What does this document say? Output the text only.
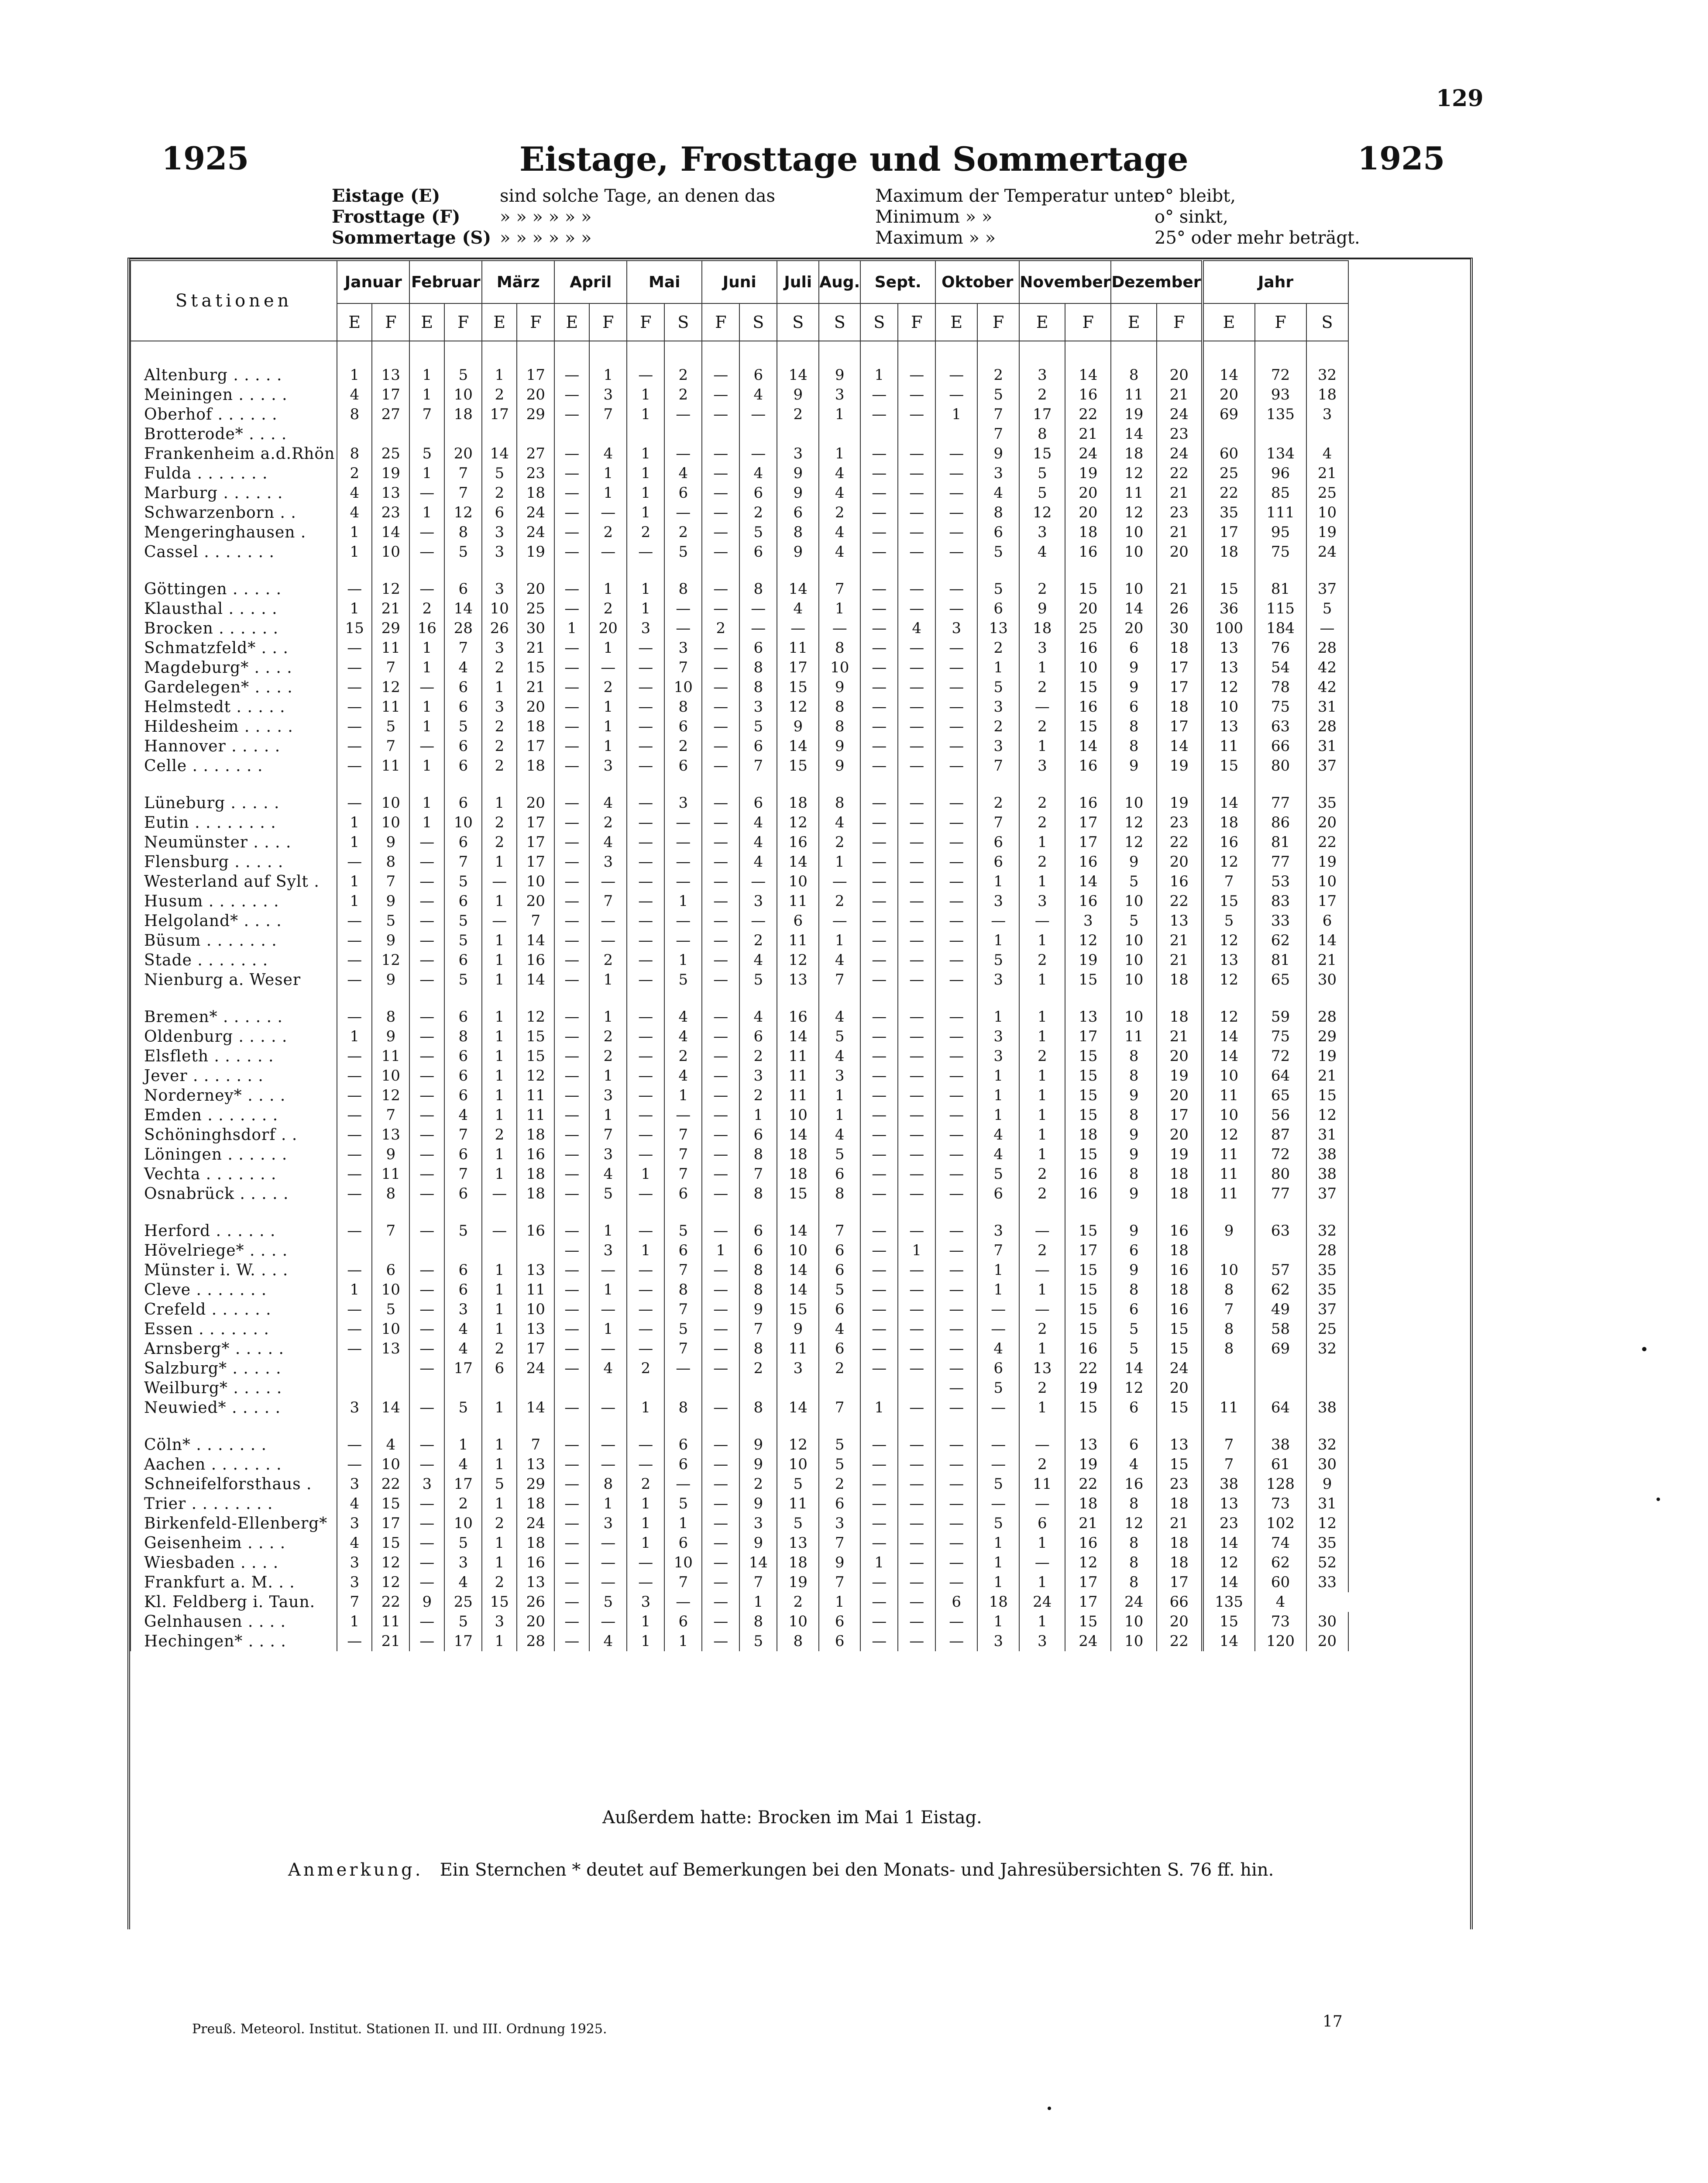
129
1925	Eistage, Frosttage und Sommertage	1925
Eistage (E)	sind solche Tage, an denen das	Maximum der Temperatur untero° bleibt,
Frosttage (F)	» » » » » »	Minimum » »	o° sinkt,
Sommertage (S) » » » » » »	Maximum » »	25° oder mehr beträgt.
Stationen	Januar		Februar		März		April		Mai		Juni		Juli	Aug.	Sept.		Oktober		November		Dezember		Jahr		
	E	F	E	F	E	F	E	F	F	S	F	S	S	S	S	F	E	F	E	F	E	F	E	F	S

Altenburg . . . . .	1	13	1	5	1	17	—	1	—	2	—	6	14	9	1	—	—	2	3	14	8	20	14	72	32
Meiningen . . . . .	4	17	1	10	2	20	—	3	1	2	—	4	9	3	—	—	—	5	2	16	11	21	20	93	18
Oberhof . . . . . .	8	27	7	18	17	29	—	7	1	—	—	—	2	1	—	—	1	7	17	22	19	24	69	135	3
Brotterode* . . . .																		7	8	21	14	23			
Frankenheim a.d.Rhön	8	25	5	20	14	27	—	4	1	—	—	—	3	1	—	—	—	9	15	24	18	24	60	134	4
Fulda . . . . . . .	2	19	1	7	5	23	—	1	1	4	—	4	9	4	—	—	—	3	5	19	12	22	25	96	21
Marburg . . . . . .	4	13	—	7	2	18	—	1	1	6	—	6	9	4	—	—	—	4	5	20	11	21	22	85	25
Schwarzenborn . .	4	23	1	12	6	24	—	—	1	—	—	2	6	2	—	—	—	8	12	20	12	23	35	111	10
Mengeringhausen .	1	14	—	8	3	24	—	2	2	2	—	5	8	4	—	—	—	6	3	18	10	21	17	95	19
Cassel . . . . . . .	1	10	—	5	3	19	—	—	—	5	—	6	9	4	—	—	—	5	4	16	10	20	18	75	24

Göttingen . . . . .	—	12	—	6	3	20	—	1	1	8	—	8	14	7	—	—	—	5	2	15	10	21	15	81	37
Klausthal . . . . .	1	21	2	14	10	25	—	2	1	—	—	—	4	1	—	—	—	6	9	20	14	26	36	115	5
Brocken . . . . . .	15	29	16	28	26	30	1	20	3	—	2	—	—	—	—	4	3	13	18	25	20	30	100	184	—
Schmatzfeld* . . .	—	11	1	7	3	21	—	1	—	3	—	6	11	8	—	—	—	2	3	16	6	18	13	76	28
Magdeburg* . . . .	—	7	1	4	2	15	—	—	—	7	—	8	17	10	—	—	—	1	1	10	9	17	13	54	42
Gardelegen* . . . .	—	12	—	6	1	21	—	2	—	10	—	8	15	9	—	—	—	5	2	15	9	17	12	78	42
Helmstedt . . . . .	—	11	1	6	3	20	—	1	—	8	—	3	12	8	—	—	—	3	—	16	6	18	10	75	31
Hildesheim . . . . .	—	5	1	5	2	18	—	1	—	6	—	5	9	8	—	—	—	2	2	15	8	17	13	63	28
Hannover . . . . .	—	7	—	6	2	17	—	1	—	2	—	6	14	9	—	—	—	3	1	14	8	14	11	66	31
Celle . . . . . . .	—	11	1	6	2	18	—	3	—	6	—	7	15	9	—	—	—	7	3	16	9	19	15	80	37

Lüneburg . . . . .	—	10	1	6	1	20	—	4	—	3	—	6	18	8	—	—	—	2	2	16	10	19	14	77	35
Eutin . . . . . . . .	1	10	1	10	2	17	—	2	—	—	—	4	12	4	—	—	—	7	2	17	12	23	18	86	20
Neumünster . . . .	1	9	—	6	2	17	—	4	—	—	—	4	16	2	—	—	—	6	1	17	12	22	16	81	22
Flensburg . . . . .	—	8	—	7	1	17	—	3	—	—	—	4	14	1	—	—	—	6	2	16	9	20	12	77	19
Westerland auf Sylt .	1	7	—	5	—	10	—	—	—	—	—	—	10	—	—	—	—	1	1	14	5	16	7	53	10
Husum . . . . . . .	1	9	—	6	1	20	—	7	—	1	—	3	11	2	—	—	—	3	3	16	10	22	15	83	17
Helgoland* . . . .	—	5	—	5	—	7	—	—	—	—	—	—	6	—	—	—	—	—	—	3	5	13	5	33	6
Büsum . . . . . . .	—	9	—	5	1	14	—	—	—	—	—	2	11	1	—	—	—	1	1	12	10	21	12	62	14
Stade . . . . . . .	—	12	—	6	1	16	—	2	—	1	—	4	12	4	—	—	—	5	2	19	10	21	13	81	21
Nienburg a. Weser	—	9	—	5	1	14	—	1	—	5	—	5	13	7	—	—	—	3	1	15	10	18	12	65	30

Bremen* . . . . . .	—	8	—	6	1	12	—	1	—	4	—	4	16	4	—	—	—	1	1	13	10	18	12	59	28
Oldenburg . . . . .	1	9	—	8	1	15	—	2	—	4	—	6	14	5	—	—	—	3	1	17	11	21	14	75	29
Elsfleth . . . . . .	—	11	—	6	1	15	—	2	—	2	—	2	11	4	—	—	—	3	2	15	8	20	14	72	19
Jever . . . . . . .	—	10	—	6	1	12	—	1	—	4	—	3	11	3	—	—	—	1	1	15	8	19	10	64	21
Norderney* . . . .	—	12	—	6	1	11	—	3	—	1	—	2	11	1	—	—	—	1	1	15	9	20	11	65	15
Emden . . . . . . .	—	7	—	4	1	11	—	1	—	—	—	1	10	1	—	—	—	1	1	15	8	17	10	56	12
Schöninghsdorf . .	—	13	—	7	2	18	—	7	—	7	—	6	14	4	—	—	—	4	1	18	9	20	12	87	31
Löningen . . . . . .	—	9	—	6	1	16	—	3	—	7	—	8	18	5	—	—	—	4	1	15	9	19	11	72	38
Vechta . . . . . . .	—	11	—	7	1	18	—	4	1	7	—	7	18	6	—	—	—	5	2	16	8	18	11	80	38
Osnabrück . . . . .	—	8	—	6	—	18	—	5	—	6	—	8	15	8	—	—	—	6	2	16	9	18	11	77	37

Herford . . . . . .	—	7	—	5	—	16	—	1	—	5	—	6	14	7	—	—	—	3	—	15	9	16	9	63	32
Hövelriege* . . . .							—	3	1	6	1	6	10	6	—	1	—	7	2	17	6	18			28
Münster i. W. . . .	—	6	—	6	1	13	—	—	—	7	—	8	14	6	—	—	—	1	—	15	9	16	10	57	35
Cleve . . . . . . .	1	10	—	6	1	11	—	1	—	8	—	8	14	5	—	—	—	1	1	15	8	18	8	62	35
Crefeld . . . . . .	—	5	—	3	1	10	—	—	—	7	—	9	15	6	—	—	—	—	—	15	6	16	7	49	37
Essen . . . . . . .	—	10	—	4	1	13	—	1	—	5	—	7	9	4	—	—	—	—	2	15	5	15	8	58	25
Arnsberg* . . . . .	—	13	—	4	2	17	—	—	—	7	—	8	11	6	—	—	—	4	1	16	5	15	8	69	32
Salzburg* . . . . .			—	17	6	24	—	4	2	—	—	2	3	2	—	—	—	6	13	22	14	24			
Weilburg* . . . . .																	—	5	2	19	12	20			
Neuwied* . . . . .	3	14	—	5	1	14	—	—	1	8	—	8	14	7	1	—	—	—	1	15	6	15	11	64	38

Cöln* . . . . . . .	—	4	—	1	1	7	—	—	—	6	—	9	12	5	—	—	—	—	—	13	6	13	7	38	32
Aachen . . . . . . .	—	10	—	4	1	13	—	—	—	6	—	9	10	5	—	—	—	—	2	19	4	15	7	61	30
Schneifelforsthaus .	3	22	3	17	5	29	—	8	2	—	—	2	5	2	—	—	—	5	11	22	16	23	38	128	9
Trier . . . . . . . .	4	15	—	2	1	18	—	1	1	5	—	9	11	6	—	—	—	—	—	18	8	18	13	73	31
Birkenfeld-Ellenberg*	3	17	—	10	2	24	—	3	1	1	—	3	5	3	—	—	—	5	6	21	12	21	23	102	12
Geisenheim . . . .	4	15	—	5	1	18	—	—	1	6	—	9	13	7	—	—	—	1	1	16	8	18	14	74	35
Wiesbaden . . . .	3	12	—	3	1	16	—	—	—	10	—	14	18	9	1	—	—	1	—	12	8	18	12	62	52
Frankfurt a. M. . .	3	12	—	4	2	13	—	—	—	7	—	7	19	7	—	—	—	1	1	17	8	17	14	60	33
Kl. Feldberg i. Taun.	7	22	9	25	15	26	—	5	3	—	—	1	2	1	—	—	6	18	24	17	24	66	135	4	
Gelnhausen . . . .	1	11	—	5	3	20	—	—	1	6	—	8	10	6	—	—	—	1	1	15	10	20	15	73	30
Hechingen* . . . .	—	21	—	17	1	28	—	4	1	1	—	5	8	6	—	—	—	3	3	24	10	22	14	120	20
Außerdem hatte: Brocken im Mai 1 Eistag.
Anmerkung. Ein Sternchen * deutet auf Bemerkungen bei den Monats- und Jahresübersichten S. 76 ff. hin.
Preuß. Meteorol. Institut. Stationen II. und III. Ordnung 1925.	17
